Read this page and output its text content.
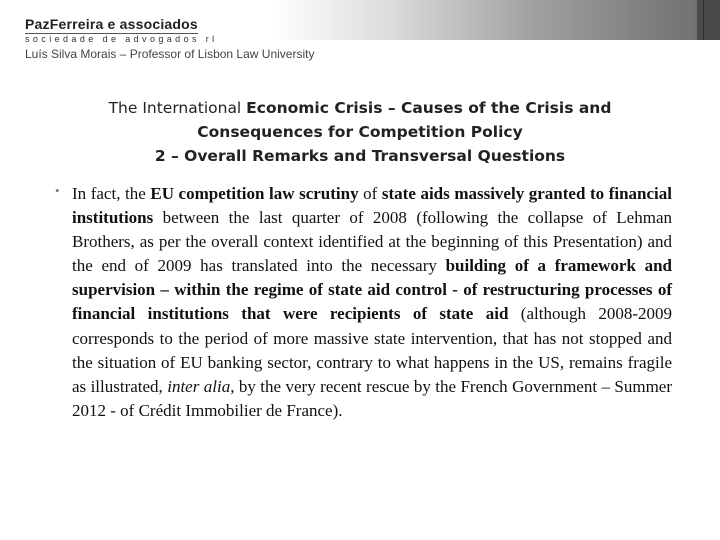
PazFerreira e associados
sociedade de advogados rl
Luís Silva Morais – Professor of Lisbon Law University
The International Economic Crisis – Causes of the Crisis and
Consequences for Competition Policy
2 – Overall Remarks and Transversal Questions
• In fact, the EU competition law scrutiny of state aids massively granted to financial institutions between the last quarter of 2008 (following the collapse of Lehman Brothers, as per the overall context identified at the beginning of this Presentation) and the end of 2009 has translated into the necessary building of a framework and supervision – within the regime of state aid control - of restructuring processes of financial institutions that were recipients of state aid (although 2008-2009 corresponds to the period of more massive state intervention, that has not stopped and the situation of EU banking sector, contrary to what happens in the US, remains fragile as illustrated, inter alia, by the very recent rescue by the French Government – Summer 2012 - of Crédit Immobilier de France).
